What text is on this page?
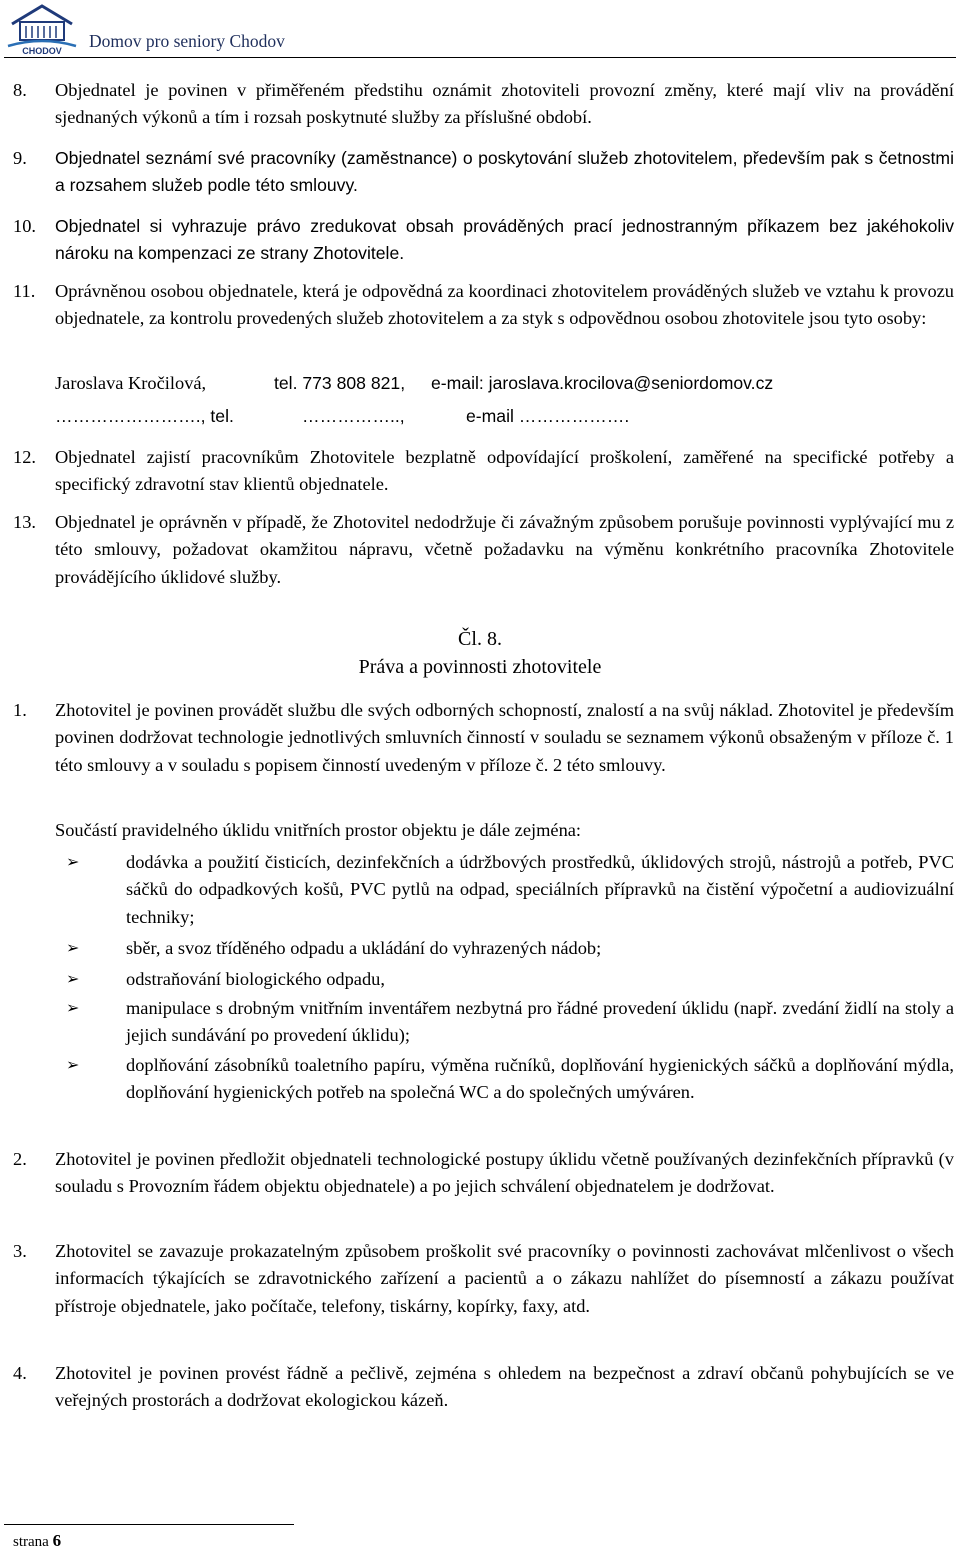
CHODOV Domov pro seniory Chodov
8. Objednatel je povinen v přiměřeném předstihu oznámit zhotoviteli provozní změny, které mají vliv na provádění sjednaných výkonů a tím i rozsah poskytnuté služby za příslušné období.
9. Objednatel seznámí své pracovníky (zaměstnance) o poskytování služeb zhotovitelem, především pak s četnostmi a rozsahem služeb podle této smlouvy.
10. Objednatel si vyhrazuje právo zredukovat obsah prováděných prací jednostranným příkazem bez jakéhokoliv nároku na kompenzaci ze strany Zhotovitele.
11. Oprávněnou osobou objednatele, která je odpovědná za koordinaci zhotovitelem prováděných služeb ve vztahu k provozu objednatele, za kontrolu provedených služeb zhotovitelem a za styk s odpovědnou osobou zhotovitele jsou tyto osoby:
Jaroslava Kročilová,	tel. 773 808 821, e-mail: jaroslava.krocilova@seniordomov.cz
……………………., tel.	……………..,	e-mail ……………….
12. Objednatel zajistí pracovníkům Zhotovitele bezplatně odpovídající proškolení, zaměřené na specifické potřeby a specifický zdravotní stav klientů objednatele.
13. Objednatel je oprávněn v případě, že Zhotovitel nedodržuje či závažným způsobem porušuje povinnosti vyplývající mu z této smlouvy, požadovat okamžitou nápravu, včetně požadavku na výměnu konkrétního pracovníka Zhotovitele provádějícího úklidové služby.
Čl. 8.
Práva a povinnosti zhotovitele
1. Zhotovitel je povinen provádět službu dle svých odborných schopností, znalostí a na svůj náklad. Zhotovitel je především povinen dodržovat technologie jednotlivých smluvních činností v souladu se seznamem výkonů obsaženým v příloze č. 1 této smlouvy a v souladu s popisem činností uvedeným v příloze č. 2 této smlouvy.
Součástí pravidelného úklidu vnitřních prostor objektu je dále zejména:
➢	dodávka a použití čisticích, dezinfekčních a údržbových prostředků, úklidových strojů, nástrojů a potřeb, PVC sáčků do odpadkových košů, PVC pytlů na odpad, speciálních přípravků na čistění výpočetní a audiovizuální techniky;
➢	sběr, a svoz tříděného odpadu a ukládání do vyhrazených nádob;
➢	odstraňování biologického odpadu,
➢	manipulace s drobným vnitřním inventářem nezbytná pro řádné provedení úklidu (např. zvedání židlí na stoly a jejich sundávání po provedení úklidu);
➢	doplňování zásobníků toaletního papíru, výměna ručníků, doplňování hygienických sáčků a doplňování mýdla, doplňování hygienických potřeb na společná WC a do společných umýváren.
2. Zhotovitel je povinen předložit objednateli technologické postupy úklidu včetně používaných dezinfekčních přípravků (v souladu s Provozním řádem objektu objednatele) a po jejich schválení objednatelem je dodržovat.
3. Zhotovitel se zavazuje prokazatelným způsobem proškolit své pracovníky o povinnosti zachovávat mlčenlivost o všech informacích týkajících se zdravotnického zařízení a pacientů a o zákazu nahlížet do písemností a zákazu používat přístroje objednatele, jako počítače, telefony, tiskárny, kopírky, faxy, atd.
4. Zhotovitel je povinen provést řádně a pečlivě, zejména s ohledem na bezpečnost a zdraví občanů pohybujících se ve veřejných prostorách a dodržovat ekologickou kázeň.
strana 6
